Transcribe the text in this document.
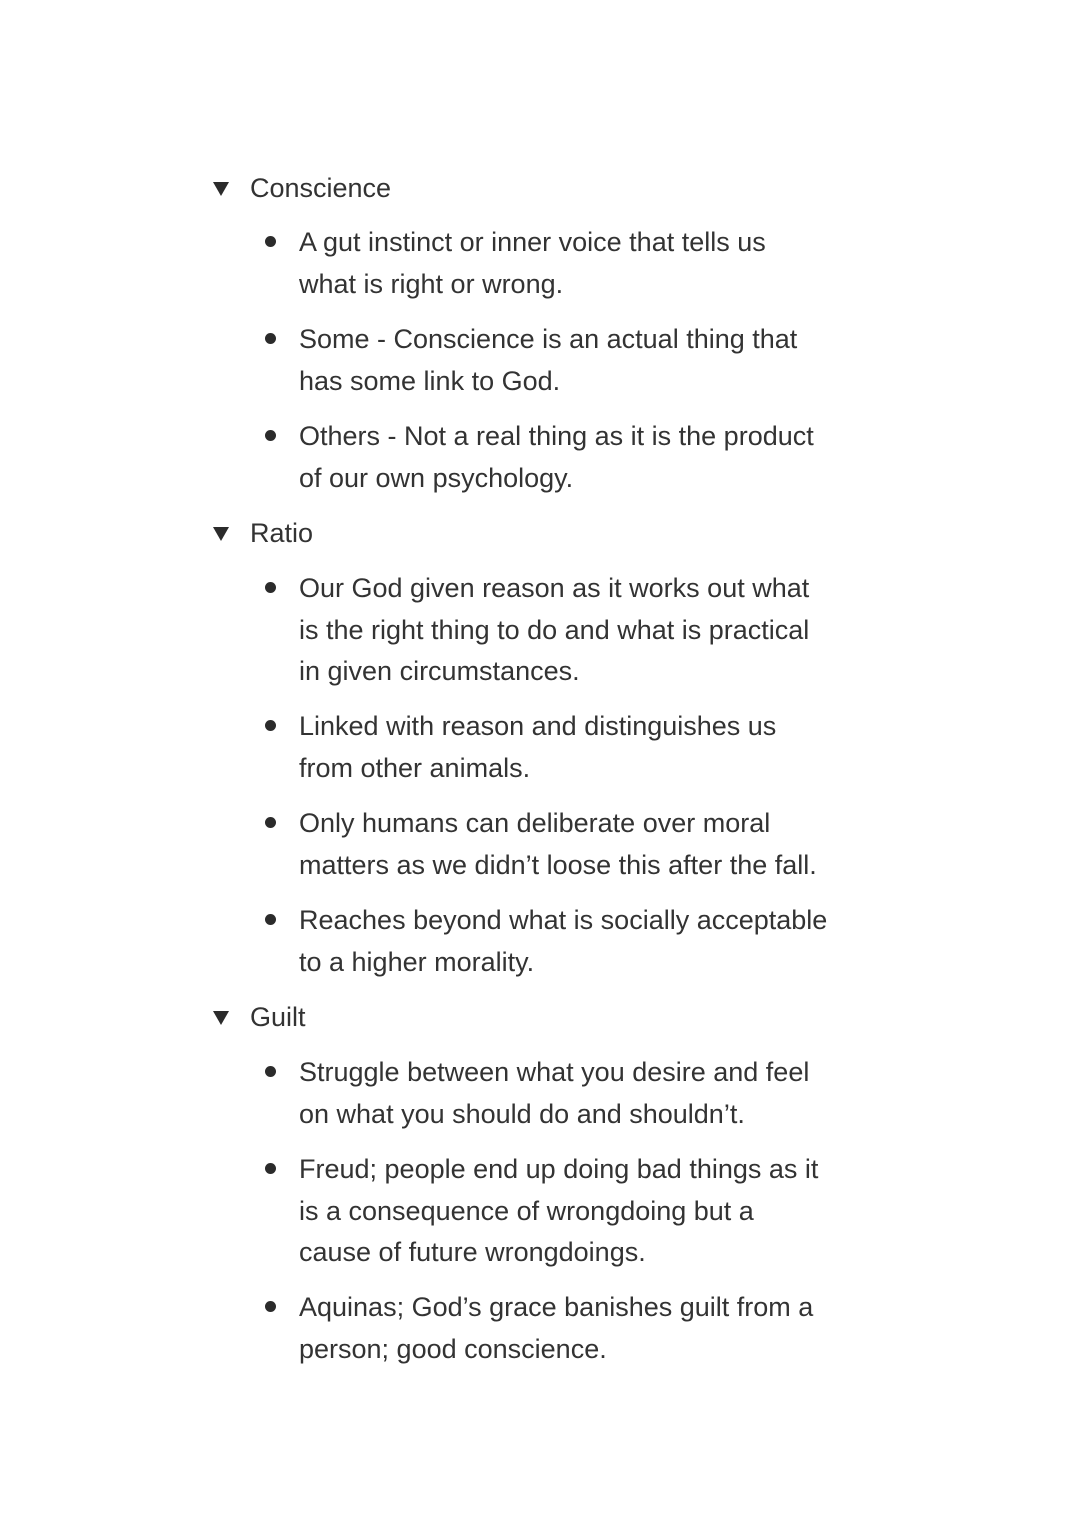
Conscience
A gut instinct or inner voice that tells us
what is right or wrong.
Some - Conscience is an actual thing that
has some link to God.
Others - Not a real thing as it is the product
of our own psychology.
Ratio
Our God given reason as it works out what
is the right thing to do and what is practical
in given circumstances.
Linked with reason and distinguishes us
from other animals.
Only humans can deliberate over moral
matters as we didn’t loose this after the fall.
Reaches beyond what is socially acceptable
to a higher morality.
Guilt
Struggle between what you desire and feel
on what you should do and shouldn’t.
Freud; people end up doing bad things as it
is a consequence of wrongdoing but a
cause of future wrongdoings.
Aquinas; God’s grace banishes guilt from a
person; good conscience.
